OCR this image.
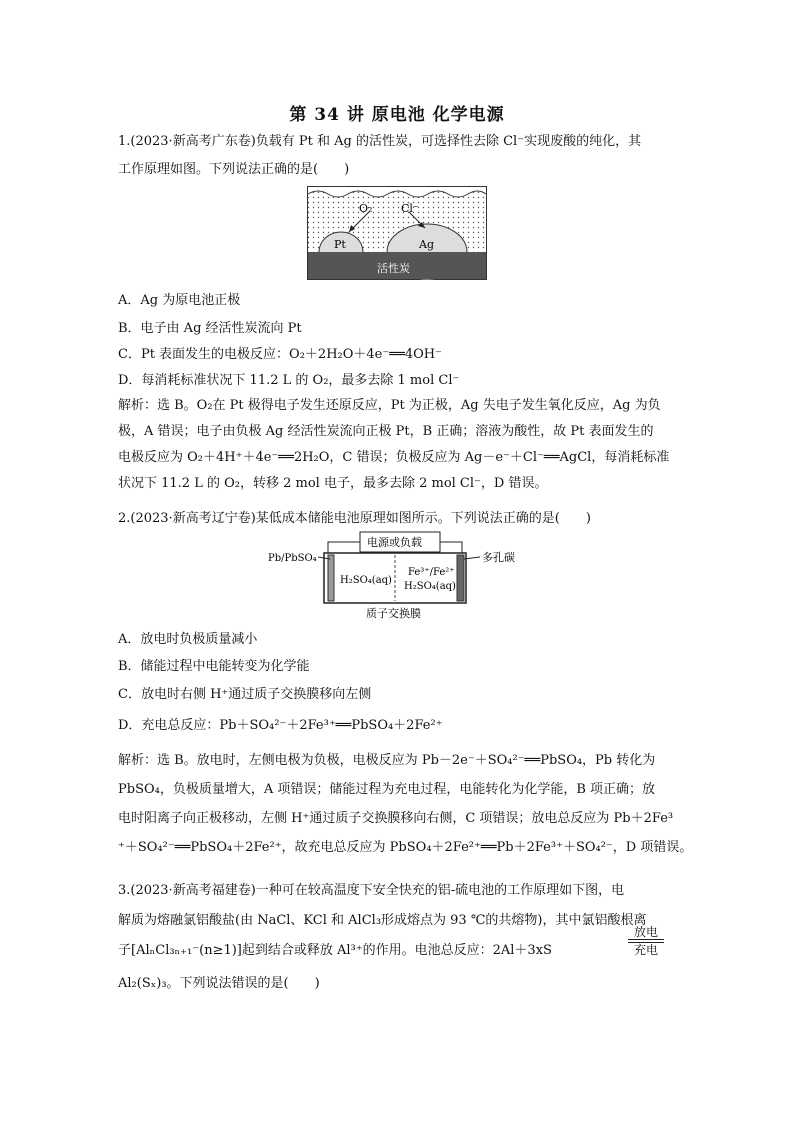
第 34 讲 原电池 化学电源
1.(2023·新高考广东卷)负载有 Pt 和 Ag 的活性炭，可选择性去除 Cl⁻实现废酸的纯化，其
工作原理如图。下列说法正确的是(　　)
O₂	Cl⁻
Pt	Ag
活性炭
A．Ag 为原电池正极
B．电子由 Ag 经活性炭流向 Pt
C．Pt 表面发生的电极反应：O₂＋2H₂O＋4e⁻══4OH⁻
D．每消耗标准状况下 11.2 L 的 O₂，最多去除 1 mol Cl⁻
解析：选 B。O₂在 Pt 极得电子发生还原反应，Pt 为正极，Ag 失电子发生氧化反应，Ag 为负
极，A 错误；电子由负极 Ag 经活性炭流向正极 Pt，B 正确；溶液为酸性，故 Pt 表面发生的
电极反应为 O₂＋4H⁺＋4e⁻══2H₂O，C 错误；负极反应为 Ag－e⁻＋Cl⁻══AgCl，每消耗标准
状况下 11.2 L 的 O₂，转移 2 mol 电子，最多去除 2 mol Cl⁻，D 错误。
2.(2023·新高考辽宁卷)某低成本储能电池原理如图所示。下列说法正确的是(　　)
电源或负载
Pb/PbSO₄	多孔碳
H₂SO₄(aq)
Fe³⁺/Fe²⁺
H₂SO₄(aq)
质子交换膜
A．放电时负极质量减小
B．储能过程中电能转变为化学能
C．放电时右侧 H⁺通过质子交换膜移向左侧
D．充电总反应：Pb＋SO₄²⁻＋2Fe³⁺══PbSO₄＋2Fe²⁺
解析：选 B。放电时，左侧电极为负极，电极反应为 Pb－2e⁻＋SO₄²⁻══PbSO₄，Pb 转化为
PbSO₄，负极质量增大，A 项错误；储能过程为充电过程，电能转化为化学能，B 项正确；放
电时阳离子向正极移动，左侧 H⁺通过质子交换膜移向右侧，C 项错误；放电总反应为 Pb＋2Fe³
⁺＋SO₄²⁻══PbSO₄＋2Fe²⁺，故充电总反应为 PbSO₄＋2Fe²⁺══Pb＋2Fe³⁺＋SO₄²⁻，D 项错误。
3.(2023·新高考福建卷)一种可在较高温度下安全快充的铝-硫电池的工作原理如下图，电
解质为熔融氯铝酸盐(由 NaCl、KCl 和 AlCl₃形成熔点为 93 ℃的共熔物)，其中氯铝酸根离
子[AlₙCl₃ₙ₊₁⁻(n≥1)]起到结合或释放 Al³⁺的作用。电池总反应：2Al＋3xS
放电
充电
Al₂(Sₓ)₃。下列说法错误的是(　　)
